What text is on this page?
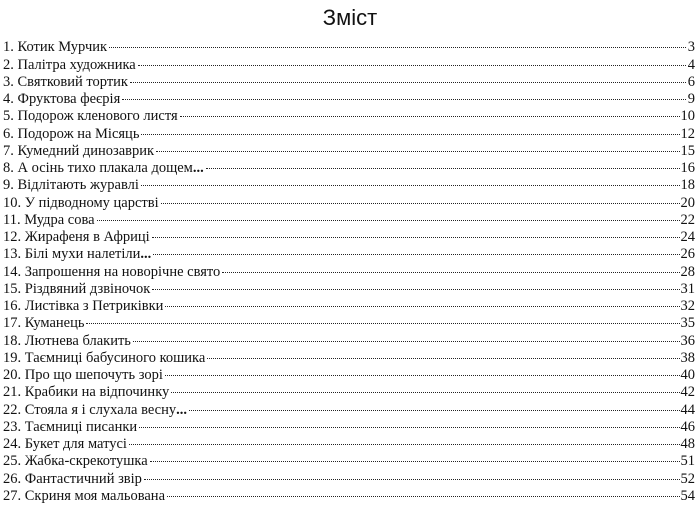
Зміст
1. Котик Мурчик	3
2. Палітра художника	4
3. Святковий тортик	6
4. Фруктова феєрія	9
5. Подорож кленового листя	10
6. Подорож на Місяць	12
7. Кумедний динозаврик	15
8. А осінь тихо плакала дощем...	16
9. Відлітають журавлі	18
10. У підводному царстві	20
11. Мудра сова	22
12. Жирафеня в Африці	24
13. Білі мухи налетіли...	26
14. Запрошення на новорічне свято	28
15. Різдвяний дзвіночок	31
16. Листівка з Петриківки	32
17. Куманець	35
18. Лютнева блакить	36
19. Таємниці бабусиного кошика	38
20. Про що шепочуть зорі	40
21. Крабики на відпочинку	42
22. Стояла я і слухала весну...	44
23. Таємниці писанки	46
24. Букет для матусі	48
25. Жабка-скрекотушка	51
26. Фантастичний звір	52
27. Скриня моя мальована	54
